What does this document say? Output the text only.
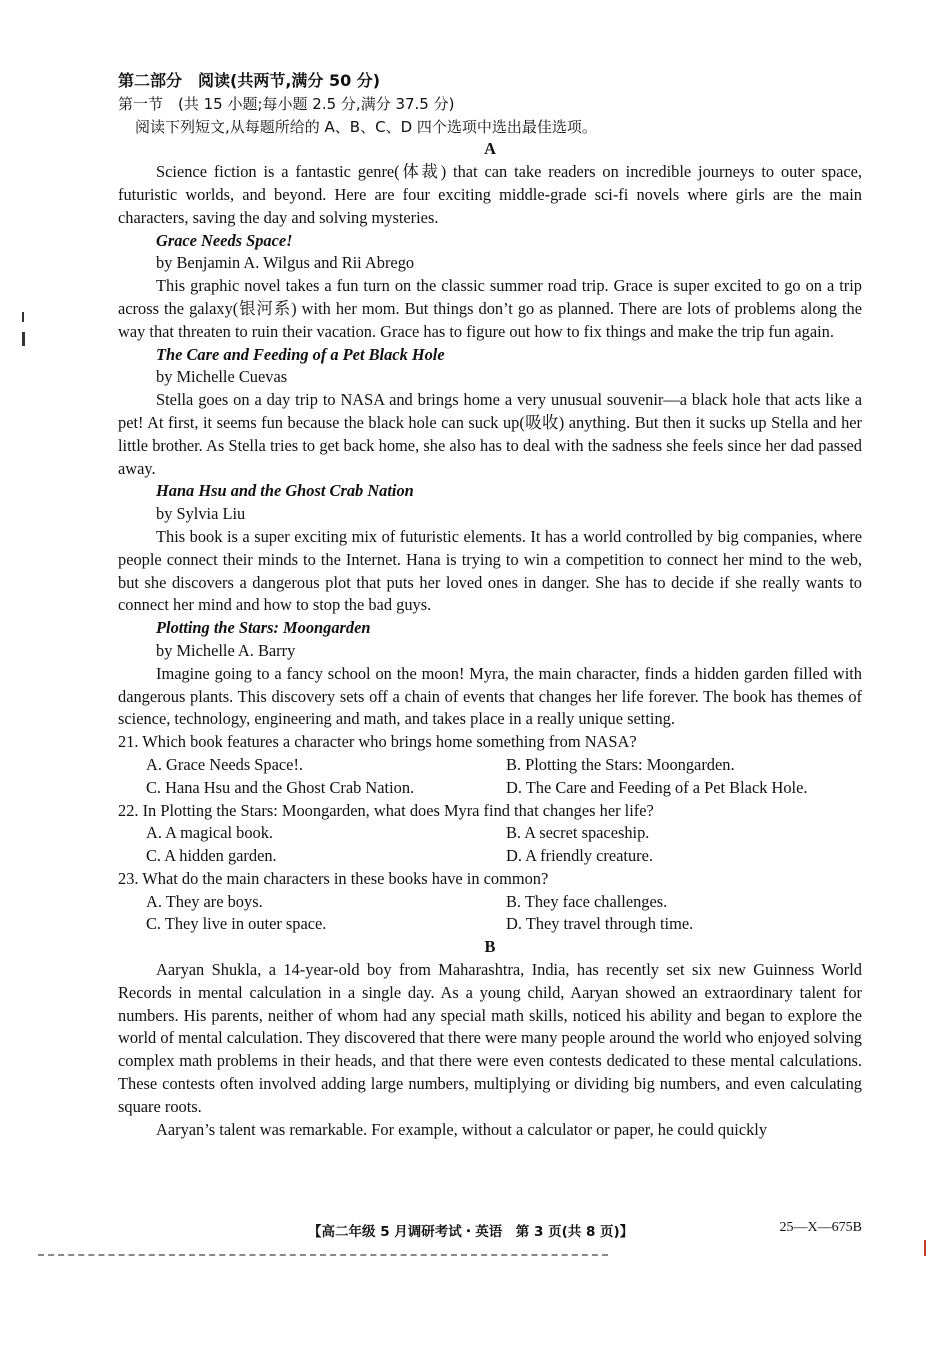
第二部分　阅读(共两节,满分 50 分)
第一节　(共 15 小题;每小题 2.5 分,满分 37.5 分)
阅读下列短文,从每题所给的 A、B、C、D 四个选项中选出最佳选项。
A

Science fiction is a fantastic genre(体裁) that can take readers on incredible journeys to outer space, futuristic worlds, and beyond. Here are four exciting middle-grade sci-fi novels where girls are the main characters, saving the day and solving mysteries.

Grace Needs Space!
by Benjamin A. Wilgus and Rii Abrego

This graphic novel takes a fun turn on the classic summer road trip. Grace is super excited to go on a trip across the galaxy(银河系) with her mom. But things don’t go as planned. There are lots of problems along the way that threaten to ruin their vacation. Grace has to figure out how to fix things and make the trip fun again.

The Care and Feeding of a Pet Black Hole
by Michelle Cuevas

Stella goes on a day trip to NASA and brings home a very unusual souvenir—a black hole that acts like a pet! At first, it seems fun because the black hole can suck up(吸收) anything. But then it sucks up Stella and her little brother. As Stella tries to get back home, she also has to deal with the sadness she feels since her dad passed away.

Hana Hsu and the Ghost Crab Nation
by Sylvia Liu

This book is a super exciting mix of futuristic elements. It has a world controlled by big companies, where people connect their minds to the Internet. Hana is trying to win a competition to connect her mind to the web, but she discovers a dangerous plot that puts her loved ones in danger. She has to decide if she really wants to connect her mind and how to stop the bad guys.

Plotting the Stars: Moongarden
by Michelle A. Barry

Imagine going to a fancy school on the moon! Myra, the main character, finds a hidden garden filled with dangerous plants. This discovery sets off a chain of events that changes her life forever. The book has themes of science, technology, engineering and math, and takes place in a really unique setting.

21. Which book features a character who brings home something from NASA?
A. Grace Needs Space!.	B. Plotting the Stars: Moongarden.
C. Hana Hsu and the Ghost Crab Nation.	D. The Care and Feeding of a Pet Black Hole.
22. In Plotting the Stars: Moongarden, what does Myra find that changes her life?
A. A magical book.	B. A secret spaceship.
C. A hidden garden.	D. A friendly creature.
23. What do the main characters in these books have in common?
A. They are boys.	B. They face challenges.
C. They live in outer space.	D. They travel through time.
B

Aaryan Shukla, a 14-year-old boy from Maharashtra, India, has recently set six new Guinness World Records in mental calculation in a single day. As a young child, Aaryan showed an extraordinary talent for numbers. His parents, neither of whom had any special math skills, noticed his ability and began to explore the world of mental calculation. They discovered that there were many people around the world who enjoyed solving complex math problems in their heads, and that there were even contests dedicated to these mental calculations. These contests often involved adding large numbers, multiplying or dividing big numbers, and even calculating square roots.

Aaryan’s talent was remarkable. For example, without a calculator or paper, he could quickly

【高二年级 5 月调研考试・英语　第 3 页(共 8 页)】	25—X—675B
